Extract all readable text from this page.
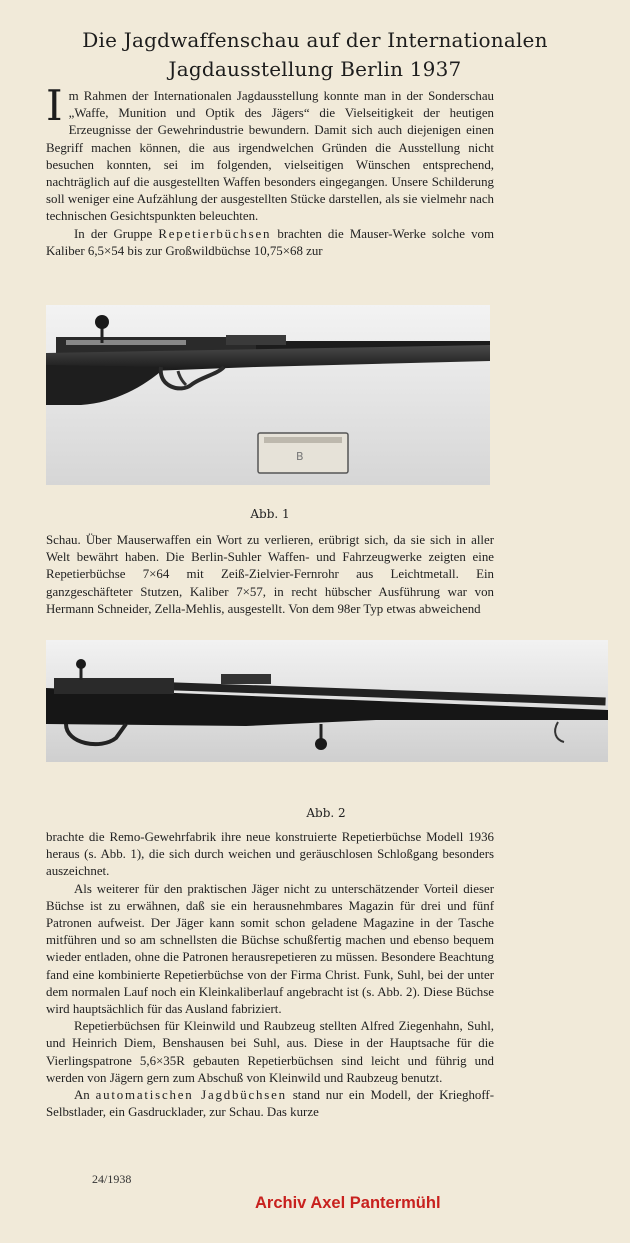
Die Jagdwaffenschau auf der Internationalen
Jagdausstellung Berlin 1937

Im Rahmen der Internationalen Jagdausstellung konnte man in der Sonderschau „Waffe, Munition und Optik des Jägers“ die Vielseitigkeit der heutigen Erzeugnisse der Gewehrindustrie bewundern. Damit sich auch diejenigen einen Begriff machen können, die aus irgendwelchen Gründen die Ausstellung nicht besuchen konnten, sei im folgenden, vielseitigen Wünschen entsprechend, nachträglich auf die ausgestellten Waffen besonders eingegangen. Unsere Schilderung soll weniger eine Aufzählung der ausgestellten Stücke darstellen, als sie vielmehr nach technischen Gesichtspunkten beleuchten.

In der Gruppe Repetierbüchsen brachten die Mauser-Werke solche vom Kaliber 6,5×54 bis zur Großwildbüchse 10,75×68 zur

B
Abb. 1

Schau. Über Mauserwaffen ein Wort zu verlieren, erübrigt sich, da sie sich in aller Welt bewährt haben. Die Berlin-Suhler Waffen- und Fahrzeugwerke zeigten eine Repetierbüchse 7×64 mit Zeiß-Zielvier-Fernrohr aus Leichtmetall. Ein ganzgeschäfteter Stutzen, Kaliber 7×57, in recht hübscher Ausführung war von Hermann Schneider, Zella-Mehlis, ausgestellt. Von dem 98er Typ etwas abweichend

Abb. 2

brachte die Remo-Gewehrfabrik ihre neue konstruierte Repetierbüchse Modell 1936 heraus (s. Abb. 1), die sich durch weichen und geräuschlosen Schloßgang besonders auszeichnet.

Als weiterer für den praktischen Jäger nicht zu unterschätzender Vorteil dieser Büchse ist zu erwähnen, daß sie ein herausnehmbares Magazin für drei und fünf Patronen aufweist. Der Jäger kann somit schon geladene Magazine in der Tasche mitführen und so am schnellsten die Büchse schußfertig machen und ebenso bequem wieder entladen, ohne die Patronen herausrepetieren zu müssen. Besondere Beachtung fand eine kombinierte Repetierbüchse von der Firma Christ. Funk, Suhl, bei der unter dem normalen Lauf noch ein Kleinkaliberlauf angebracht ist (s. Abb. 2). Diese Büchse wird hauptsächlich für das Ausland fabriziert.

Repetierbüchsen für Kleinwild und Raubzeug stellten Alfred Ziegenhahn, Suhl, und Heinrich Diem, Benshausen bei Suhl, aus. Diese in der Hauptsache für die Vierlingspatrone 5,6×35R gebauten Repetierbüchsen sind leicht und führig und werden von Jägern gern zum Abschuß von Kleinwild und Raubzeug benutzt.

An automatischen Jagdbüchsen stand nur ein Modell, der Krieghoff-Selbstlader, ein Gasdrucklader, zur Schau. Das kurze

24/1938
Archiv Axel Pantermühl
